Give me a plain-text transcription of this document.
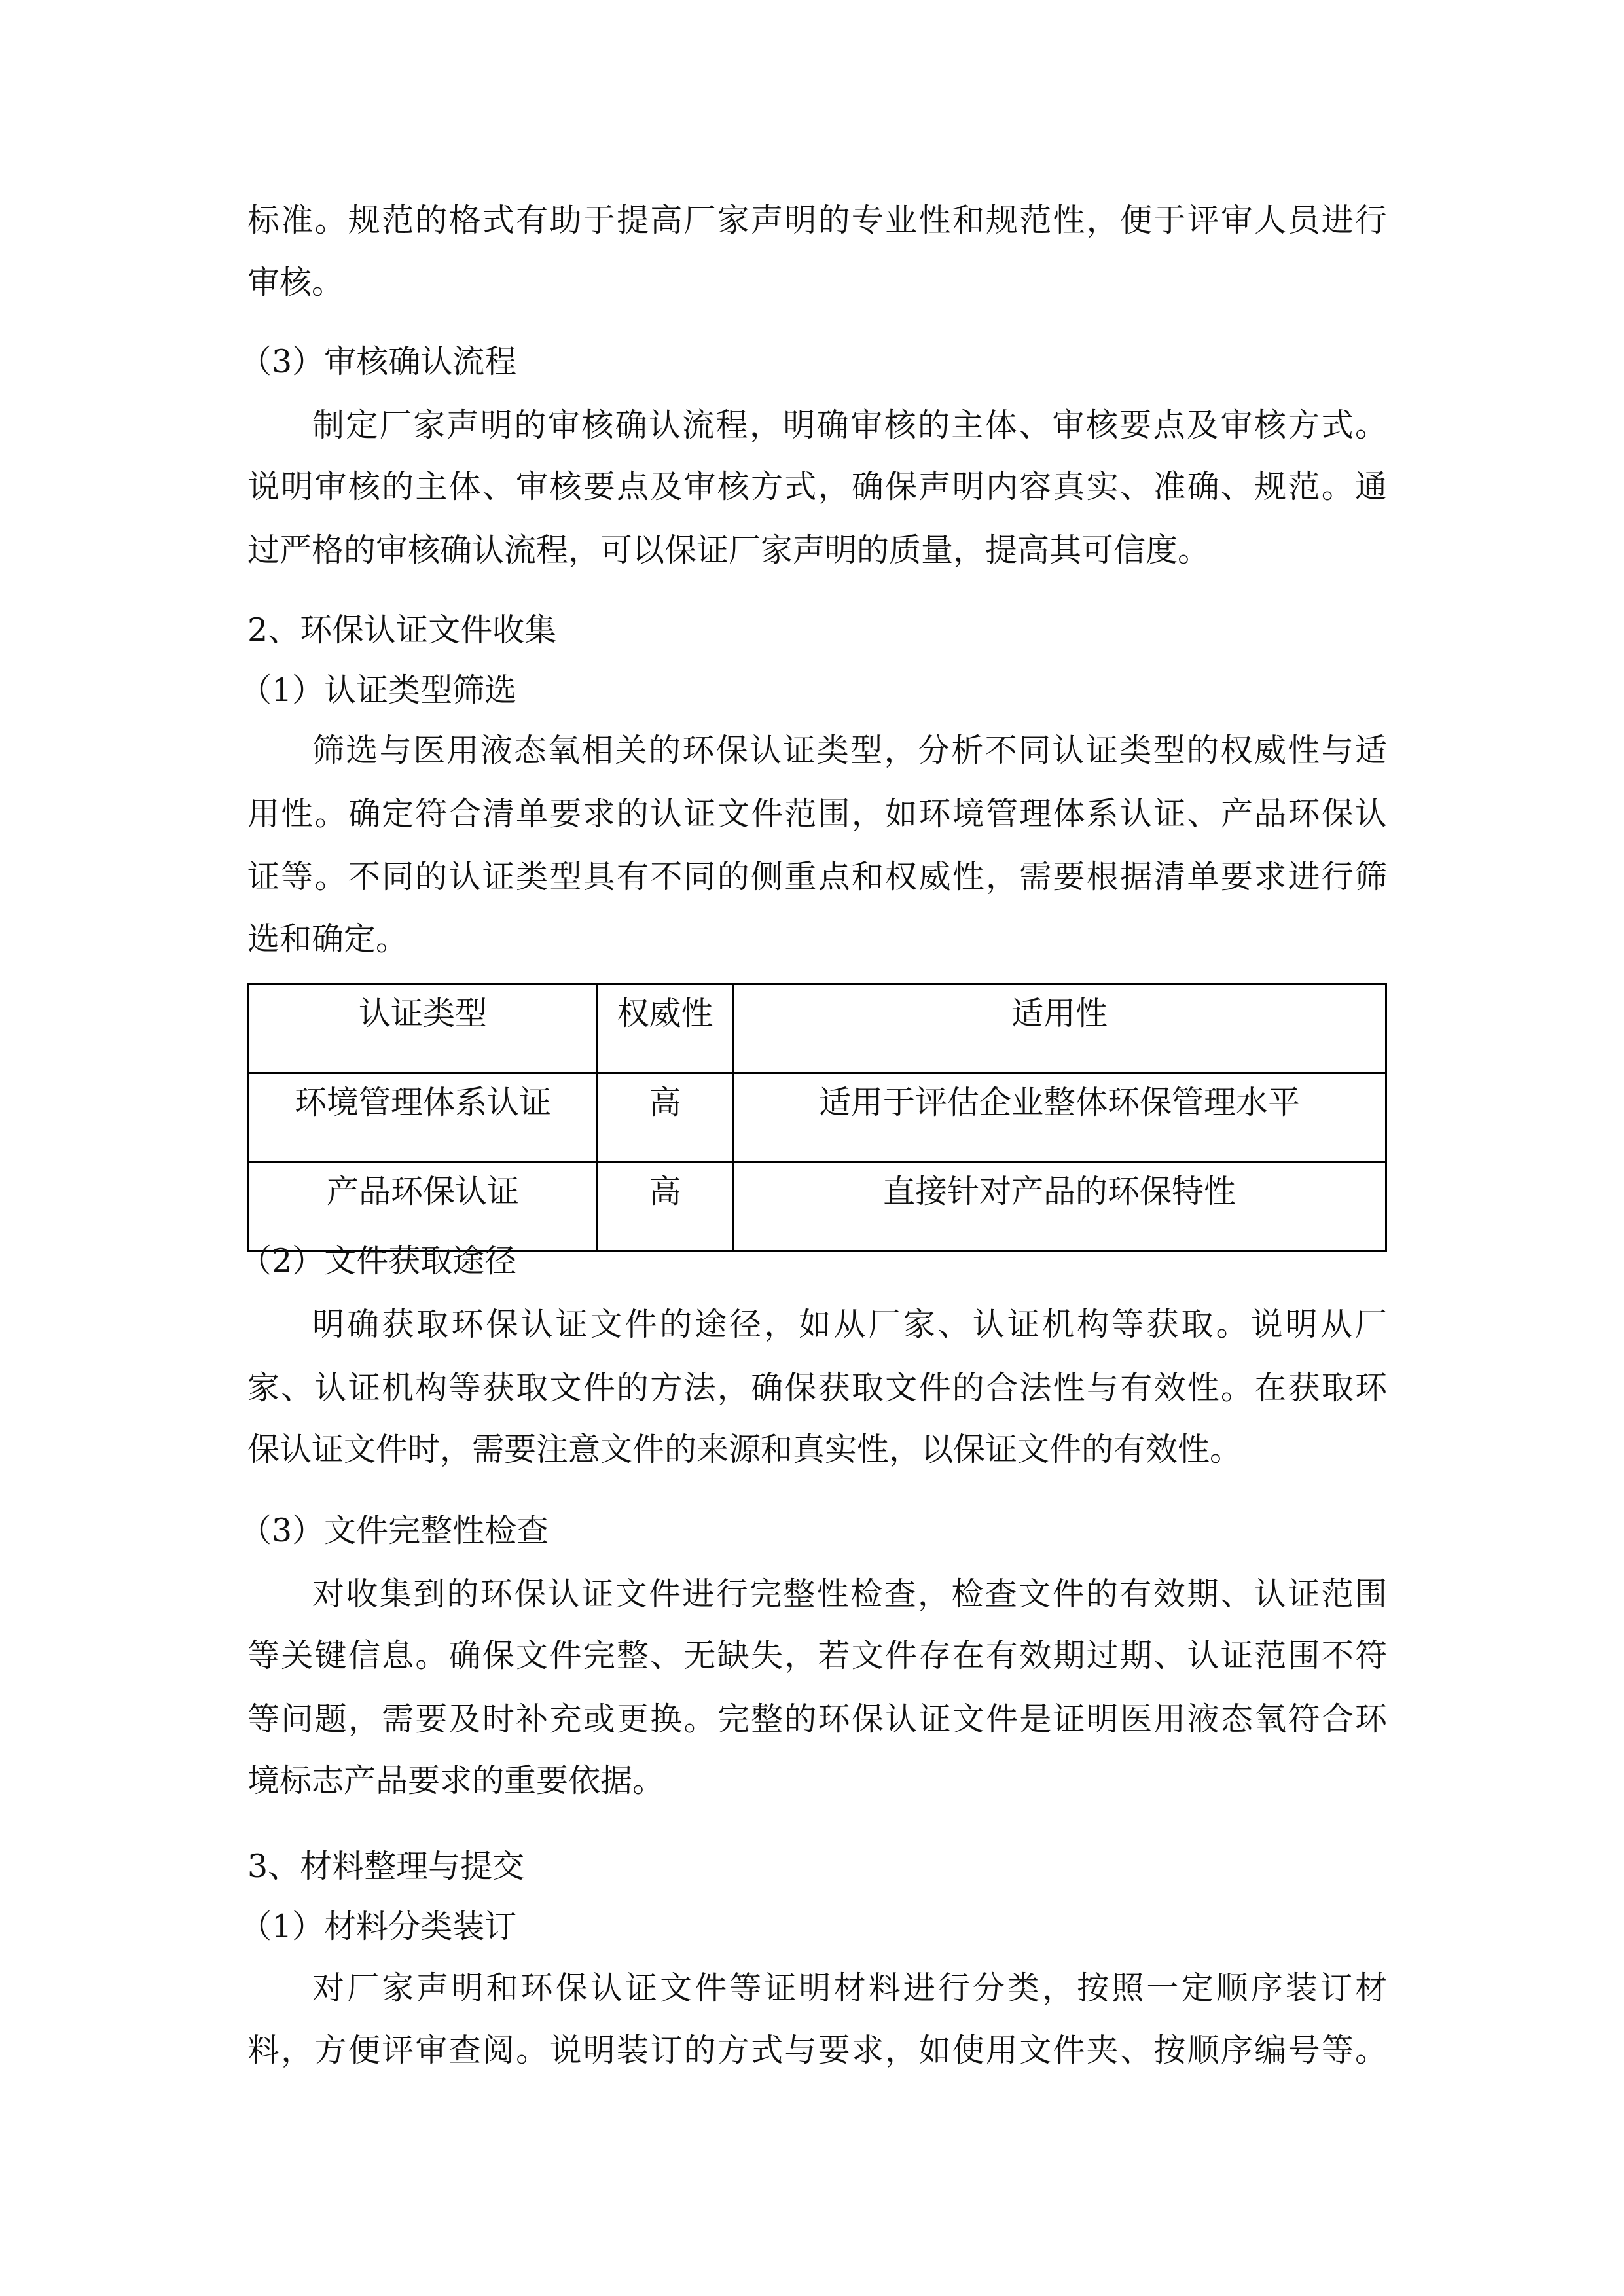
标准。规范的格式有助于提高厂家声明的专业性和规范性，便于评审人员进行
审核。
（3）审核确认流程
制定厂家声明的审核确认流程，明确审核的主体、审核要点及审核方式。
说明审核的主体、审核要点及审核方式，确保声明内容真实、准确、规范。通
过严格的审核确认流程，可以保证厂家声明的质量，提高其可信度。
2、环保认证文件收集
（1）认证类型筛选
筛选与医用液态氧相关的环保认证类型，分析不同认证类型的权威性与适
用性。确定符合清单要求的认证文件范围，如环境管理体系认证、产品环保认
证等。不同的认证类型具有不同的侧重点和权威性，需要根据清单要求进行筛
选和确定。
认证类型	权威性	适用性
环境管理体系认证	高	适用于评估企业整体环保管理水平
产品环保认证	高	直接针对产品的环保特性
（2）文件获取途径
明确获取环保认证文件的途径，如从厂家、认证机构等获取。说明从厂
家、认证机构等获取文件的方法，确保获取文件的合法性与有效性。在获取环
保认证文件时，需要注意文件的来源和真实性，以保证文件的有效性。
（3）文件完整性检查
对收集到的环保认证文件进行完整性检查，检查文件的有效期、认证范围
等关键信息。确保文件完整、无缺失，若文件存在有效期过期、认证范围不符
等问题，需要及时补充或更换。完整的环保认证文件是证明医用液态氧符合环
境标志产品要求的重要依据。
3、材料整理与提交
（1）材料分类装订
对厂家声明和环保认证文件等证明材料进行分类，按照一定顺序装订材
料，方便评审查阅。说明装订的方式与要求，如使用文件夹、按顺序编号等。
